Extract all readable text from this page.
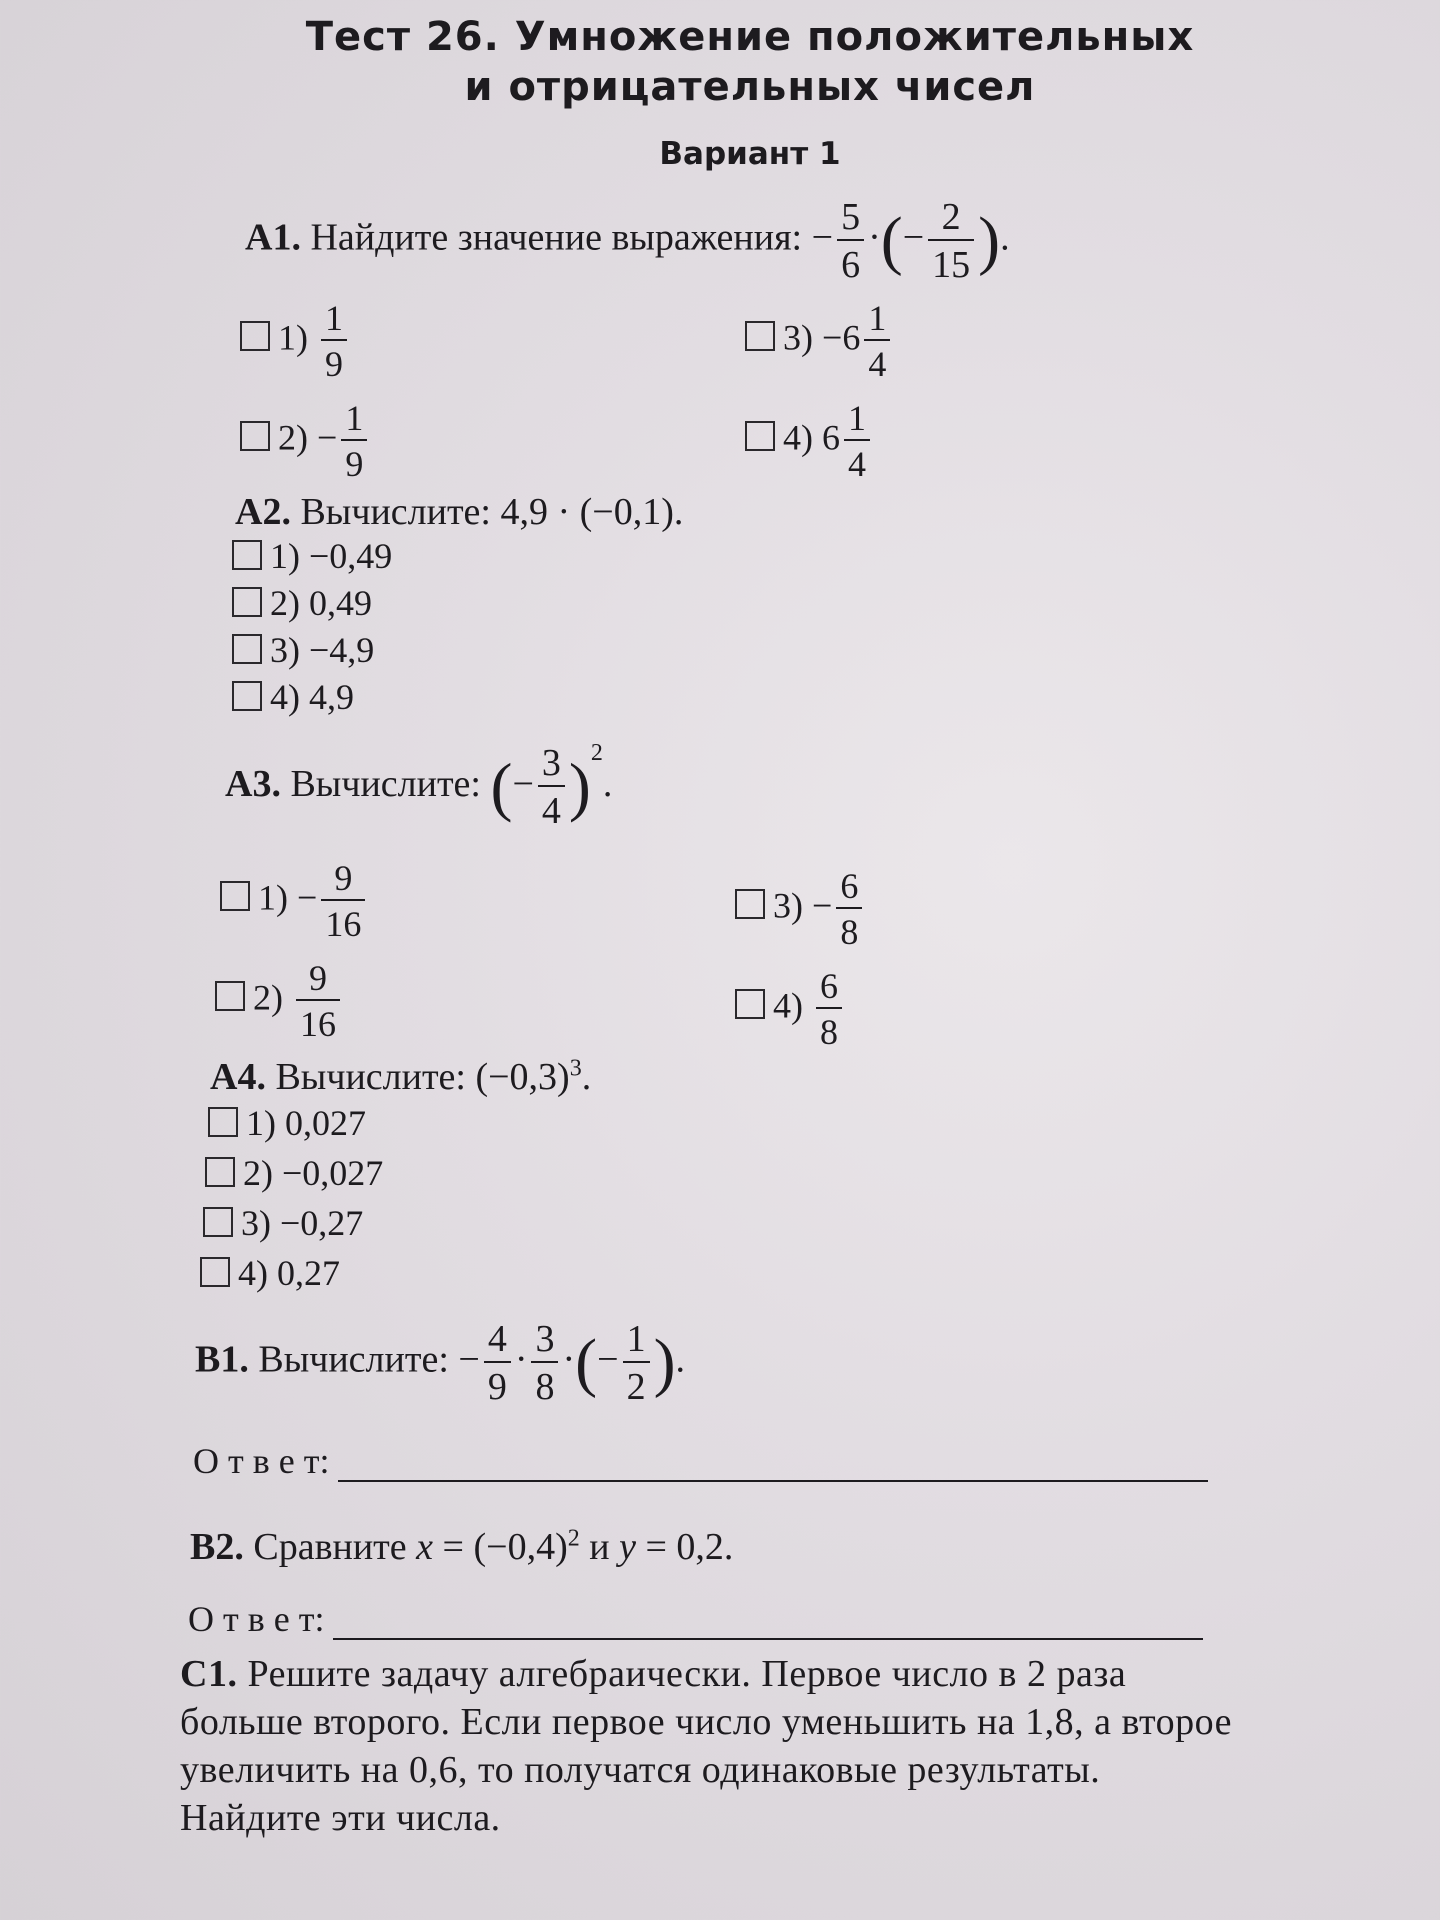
Тест 26. Умножение положительных
и отрицательных чисел
Вариант 1
А1. Найдите значение выражения: − $\frac{5}{6}$ ·(− $\frac{2}{15}$ ).
$1) \frac{1}{9}$	$3) -6 \frac{1}{4}$
$2) - \frac{1}{9}$	4) $6 \frac{1}{4}$
А2. Вычислите: 4,9 · (−0,1).
1) −0,49
2) 0,49
3) −4,9
4) 4,9
А3. Вычислите: (− $\frac{3}{4} )^2$.
$1) - \frac{9}{16}$	$3) - \frac{6}{8}$
$2) \frac{9}{16}$	$4) \frac{6}{8}$
А4. Вычислите: $(-0,3)^3$.
1) 0,027
2) −0,027
3) −0,27
4) 0,27
В1. Вычислите: − $\frac{4}{9} \cdot \frac{3}{8}$ ·(− $\frac{1}{2}$ ).
О т в е т:
В2. Сравните $x = (-0,4)^2$ и y = 0,2.
О т в е т:
С1. Решите задачу алгебраически. Первое число в 2 раза больше второго. Если первое число уменьшить на 1,8, а второе увеличить на 0,6, то получатся одинаковые результаты. Найдите эти числа.
